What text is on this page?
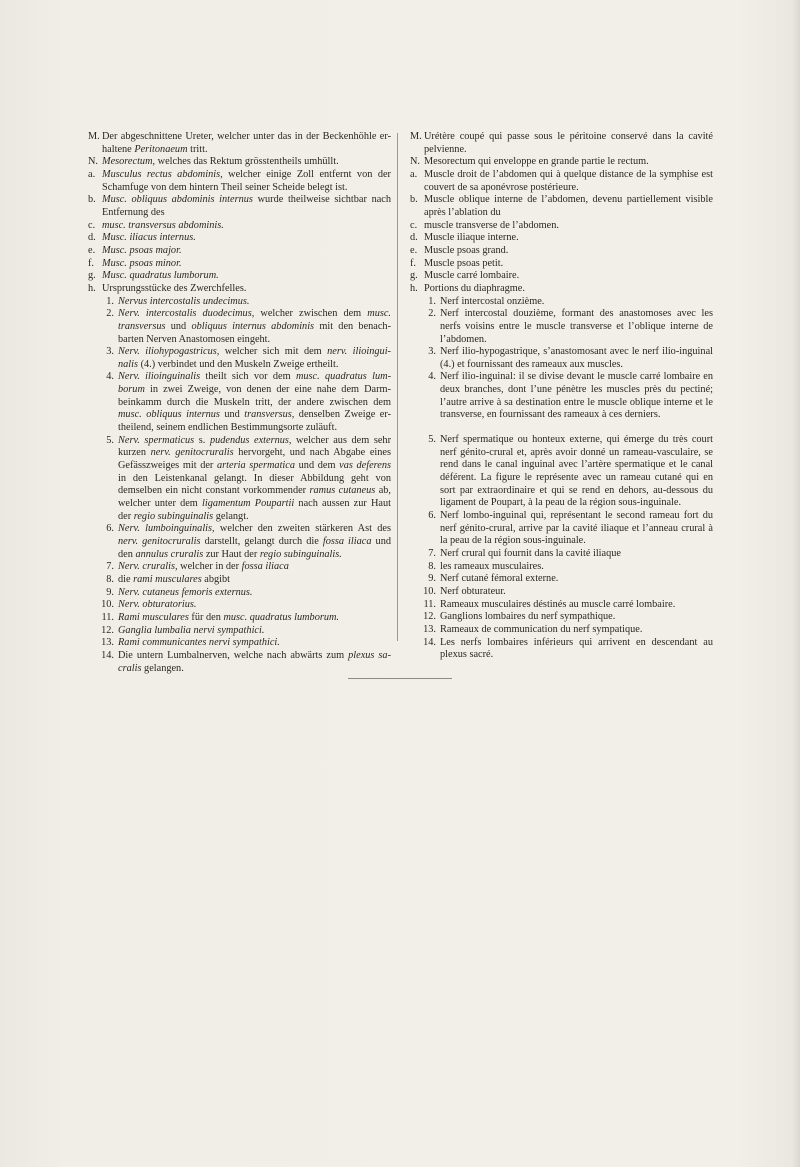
M. Der abgeschnittene Ureter, welcher unter das in der Beckenhöhle er-haltene Peritonaeum tritt.
N. Mesorectum, welches das Rektum grösstentheils umhüllt.
a. Musculus rectus abdominis, welcher einige Zoll entfernt von der Schamfuge von dem hintern Theil seiner Scheide belegt ist.
b. Musc. obliquus abdominis internus wurde theilweise sichtbar nach Entfernung des
c. musc. transversus abdominis.
d. Musc. iliacus internus.
e. Musc. psoas major.
f. Musc. psoas minor.
g. Musc. quadratus lumborum.
h. Ursprungsstücke des Zwerchfelles.
1. Nervus intercostalis undecimus.
2. Nerv. intercostalis duodecimus, welcher zwischen dem musc. transversus und obliquus internus abdominis mit den benach-barten Nerven Anastomosen eingeht.
3. Nerv. iliohypogastricus, welcher sich mit dem nerv. ilioingui-nalis (4.) verbindet und den Muskeln Zweige ertheilt.
4. Nerv. ilioinguinalis theilt sich vor dem musc. quadratus lum-borum in zwei Zweige, von denen der eine nahe dem Darm-beinkamm durch die Muskeln tritt, der andere zwischen dem musc. obliquus internus und transversus, denselben Zweige er-theilend, seinem endlichen Bestimmungsorte zuläuft.
5. Nerv. spermaticus s. pudendus externus, welcher aus dem sehr kurzen nerv. genitocruralis hervorgeht, und nach Abgabe eines Gefässzweiges mit der arteria spermatica und dem vas deferens in den Leistenkanal gelangt. In dieser Abbildung geht von demselben ein nicht constant vorkommender ramus cutaneus ab, welcher unter dem ligamentum Poupartii nach aussen zur Haut der regio subinguinalis gelangt.
6. Nerv. lumboinguinalis, welcher den zweiten stärkeren Ast des nerv. genitocruralis darstellt, gelangt durch die fossa iliaca und den annulus cruralis zur Haut der regio subinguinalis.
7. Nerv. cruralis, welcher in der fossa iliaca
8. die rami musculares abgibt
9. Nerv. cutaneus femoris externus.
10. Nerv. obturatorius.
11. Rami musculares für den musc. quadratus lumborum.
12. Ganglia lumbalia nervi sympathici.
13. Rami communicantes nervi sympathici.
14. Die untern Lumbalnerven, welche nach abwärts zum plexus sa-cralis gelangen.
M. Urétère coupé qui passe sous le péritoine conservé dans la cavité pelvienne.
N. Mesorectum qui enveloppe en grande partie le rectum.
a. Muscle droit de l’abdomen qui à quelque distance de la symphise est couvert de sa aponévrose postérieure.
b. Muscle oblique interne de l’abdomen, devenu partiellement visible après l’ablation du
c. muscle transverse de l’abdomen.
d. Muscle iliaque interne.
e. Muscle psoas grand.
f. Muscle psoas petit.
g. Muscle carré lombaire.
h. Portions du diaphragme.
1. Nerf intercostal onzième.
2. Nerf intercostal douzième, formant des anastomoses avec les nerfs voisins entre le muscle transverse et l’oblique interne de l’abdomen.
3. Nerf ilio-hypogastrique, s’anastomosant avec le nerf ilio-inguinal (4.) et fournissant des rameaux aux muscles.
4. Nerf ilio-inguinal: il se divise devant le muscle carré lombaire en deux branches, dont l’une pénètre les muscles près du pectiné; l’autre arrive à sa destination entre le muscle oblique interne et le transverse, en fournissant des rameaux à ces derniers.
5. Nerf spermatique ou honteux externe, qui émerge du très court nerf génito-crural et, après avoir donné un rameau-vasculaire, se rend dans le canal inguinal avec l’artère spermatique et le canal déférent. La figure le représente avec un rameau cutané qui en sort par extraordinaire et qui se rend en dehors, au-dessous du ligament de Poupart, à la peau de la région sous-inguinale.
6. Nerf lombo-inguinal qui, représentant le second rameau fort du nerf génito-crural, arrive par la cavité iliaque et l’anneau crural à la peau de la région sous-inguinale.
7. Nerf crural qui fournit dans la cavité iliaque
8. les rameaux musculaires.
9. Nerf cutané fémoral externe.
10. Nerf obturateur.
11. Rameaux musculaires déstinés au muscle carré lombaire.
12. Ganglions lombaires du nerf sympathique.
13. Rameaux de communication du nerf sympatique.
14. Les nerfs lombaires inférieurs qui arrivent en descendant au plexus sacré.
